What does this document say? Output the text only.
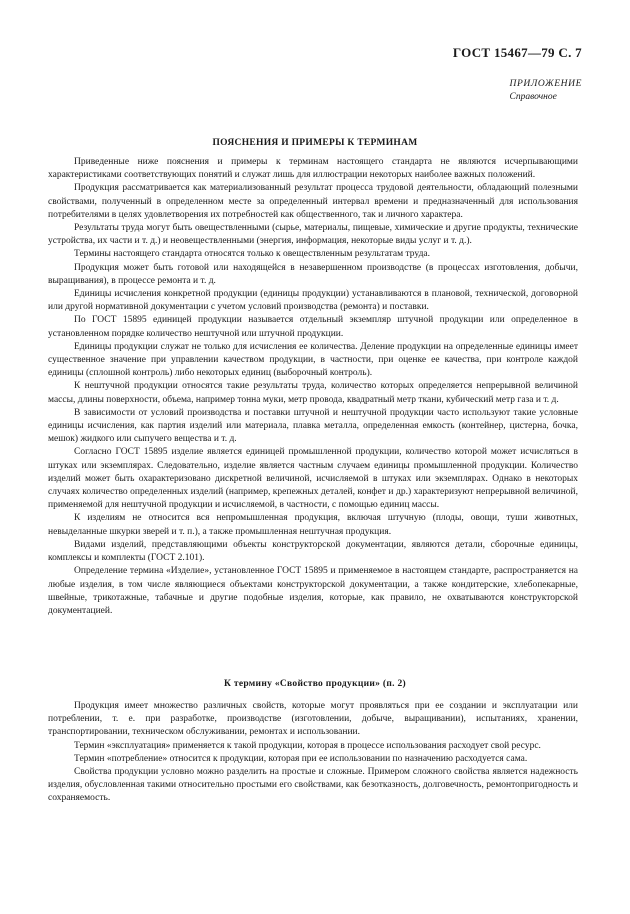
ГОСТ 15467—79 С. 7
ПРИЛОЖЕНИЕ
Справочное
ПОЯСНЕНИЯ И ПРИМЕРЫ К ТЕРМИНАМ

Приведенные ниже пояснения и примеры к терминам настоящего стандарта не являются исчерпывающими характеристиками соответствующих понятий и служат лишь для иллюстрации некоторых наиболее важных положений.

Продукция рассматривается как материализованный результат процесса трудовой деятельности, обладающий полезными свойствами, полученный в определенном месте за определенный интервал времени и предназначенный для использования потребителями в целях удовлетворения их потребностей как общественного, так и личного характера.

Результаты труда могут быть овеществленными (сырье, материалы, пищевые, химические и другие продукты, технические устройства, их части и т. д.) и неовеществленными (энергия, информация, некоторые виды услуг и т. д.).

Термины настоящего стандарта относятся только к овеществленным результатам труда.

Продукция может быть готовой или находящейся в незавершенном производстве (в процессах изготовления, добычи, выращивания), в процессе ремонта и т. д.

Единицы исчисления конкретной продукции (единицы продукции) устанавливаются в плановой, технической, договорной или другой нормативной документации с учетом условий производства (ремонта) и поставки.

По ГОСТ 15895 единицей продукции называется отдельный экземпляр штучной продукции или определенное в установленном порядке количество нештучной или штучной продукции.

Единицы продукции служат не только для исчисления ее количества. Деление продукции на определенные единицы имеет существенное значение при управлении качеством продукции, в частности, при оценке ее качества, при контроле каждой единицы (сплошной контроль) либо некоторых единиц (выборочный контроль).

К нештучной продукции относятся такие результаты труда, количество которых определяется непрерывной величиной массы, длины поверхности, объема, например тонна муки, метр провода, квадратный метр ткани, кубический метр газа и т. д.

В зависимости от условий производства и поставки штучной и нештучной продукции часто используют такие условные единицы исчисления, как партия изделий или материала, плавка металла, определенная емкость (контейнер, цистерна, бочка, мешок) жидкого или сыпучего вещества и т. д.

Согласно ГОСТ 15895 изделие является единицей промышленной продукции, количество которой может исчисляться в штуках или экземплярах. Следовательно, изделие является частным случаем единицы промышленной продукции. Количество изделий может быть охарактеризовано дискретной величиной, исчисляемой в штуках или экземплярах. Однако в некоторых случаях количество определенных изделий (например, крепежных деталей, конфет и др.) характеризуют непрерывной величиной, применяемой для нештучной продукции и исчисляемой, в частности, с помощью единиц массы.

К изделиям не относится вся непромышленная продукция, включая штучную (плоды, овощи, туши животных, невыделанные шкурки зверей и т. п.), а также промышленная нештучная продукция.

Видами изделий, представляющими объекты конструкторской документации, являются детали, сборочные единицы, комплексы и комплекты (ГОСТ 2.101).

Определение термина «Изделие», установленное ГОСТ 15895 и применяемое в настоящем стандарте, распространяется на любые изделия, в том числе являющиеся объектами конструкторской документации, а также кондитерские, хлебопекарные, швейные, трикотажные, табачные и другие подобные изделия, которые, как правило, не охватываются конструкторской документацией.

К термину «Свойство продукции» (п. 2)

Продукция имеет множество различных свойств, которые могут проявляться при ее создании и эксплуатации или потреблении, т. е. при разработке, производстве (изготовлении, добыче, выращивании), испытаниях, хранении, транспортировании, техническом обслуживании, ремонтах и использовании.

Термин «эксплуатация» применяется к такой продукции, которая в процессе использования расходует свой ресурс.

Термин «потребление» относится к продукции, которая при ее использовании по назначению расходуется сама.

Свойства продукции условно можно разделить на простые и сложные. Примером сложного свойства является надежность изделия, обусловленная такими относительно простыми его свойствами, как безотказность, долговечность, ремонтопригодность и сохраняемость.
